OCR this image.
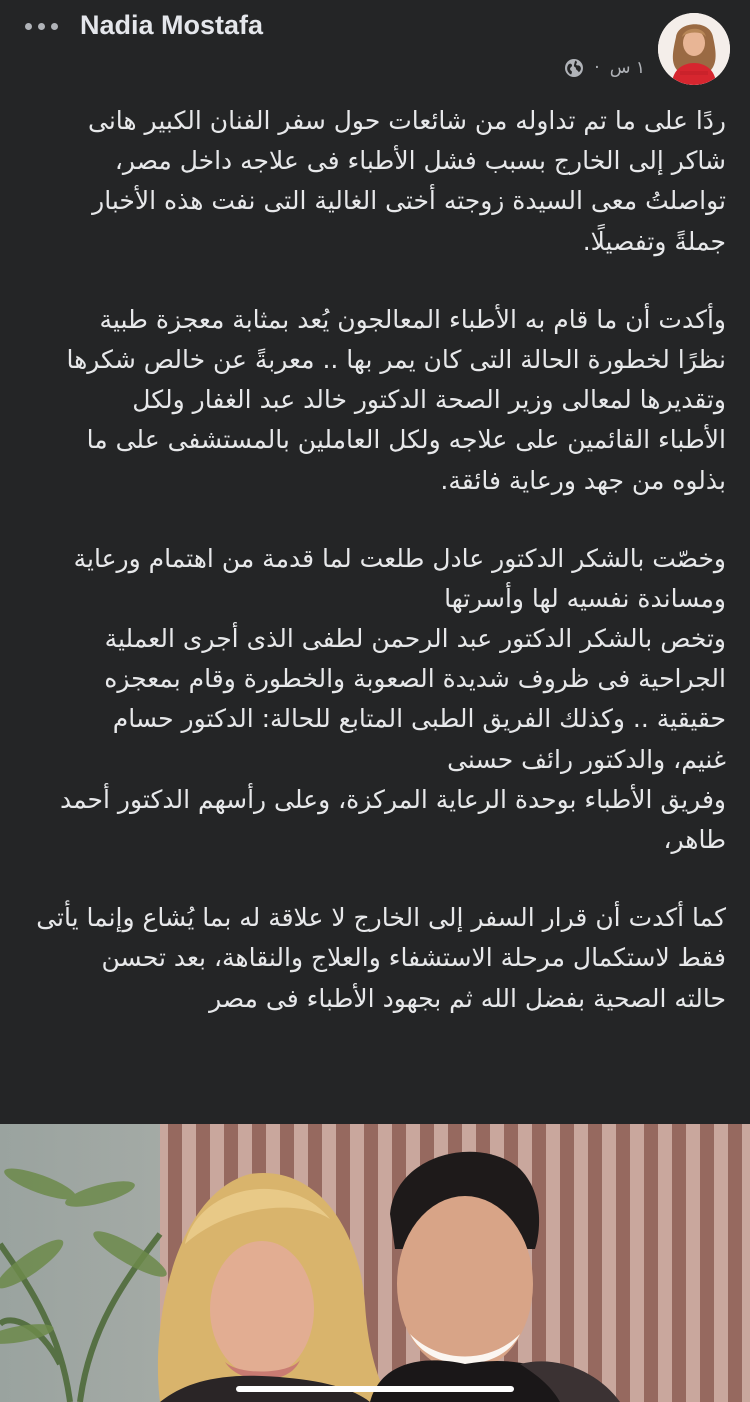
Nadia Mostafa
· ١ س
ردًا على ما تم تداوله من شائعات حول سفر الفنان الكبير هانى
شاكر إلى الخارج بسبب فشل الأطباء فى علاجه داخل مصر،
تواصلتُ معى السيدة زوجته أختى الغالية التى نفت هذه الأخبار
جملةً وتفصيلًا.
وأكدت أن ما قام به الأطباء المعالجون يُعد بمثابة معجزة طبية
نظرًا لخطورة الحالة التى كان يمر بها .. معربةً عن خالص شكرها
وتقديرها لمعالى وزير الصحة الدكتور خالد عبد الغفار ولكل
الأطباء القائمين على علاجه ولكل العاملين بالمستشفى على ما
بذلوه من جهد ورعاية فائقة.
وخصّت بالشكر الدكتور عادل طلعت لما قدمة من اهتمام ورعاية
ومساندة نفسيه لها وأسرتها
وتخص بالشكر الدكتور عبد الرحمن لطفى الذى أجرى العملية
الجراحية فى ظروف شديدة الصعوبة والخطورة وقام بمعجزه
حقيقية .. وكذلك الفريق الطبى المتابع للحالة: الدكتور حسام
غنيم، والدكتور رائف حسنى
وفريق الأطباء بوحدة الرعاية المركزة، وعلى رأسهم الدكتور أحمد
طاهر،
كما أكدت أن قرار السفر إلى الخارج لا علاقة له بما يُشاع وإنما يأتى
فقط لاستكمال مرحلة الاستشفاء والعلاج والنقاهة، بعد تحسن
حالته الصحية بفضل الله ثم بجهود الأطباء فى مصر
